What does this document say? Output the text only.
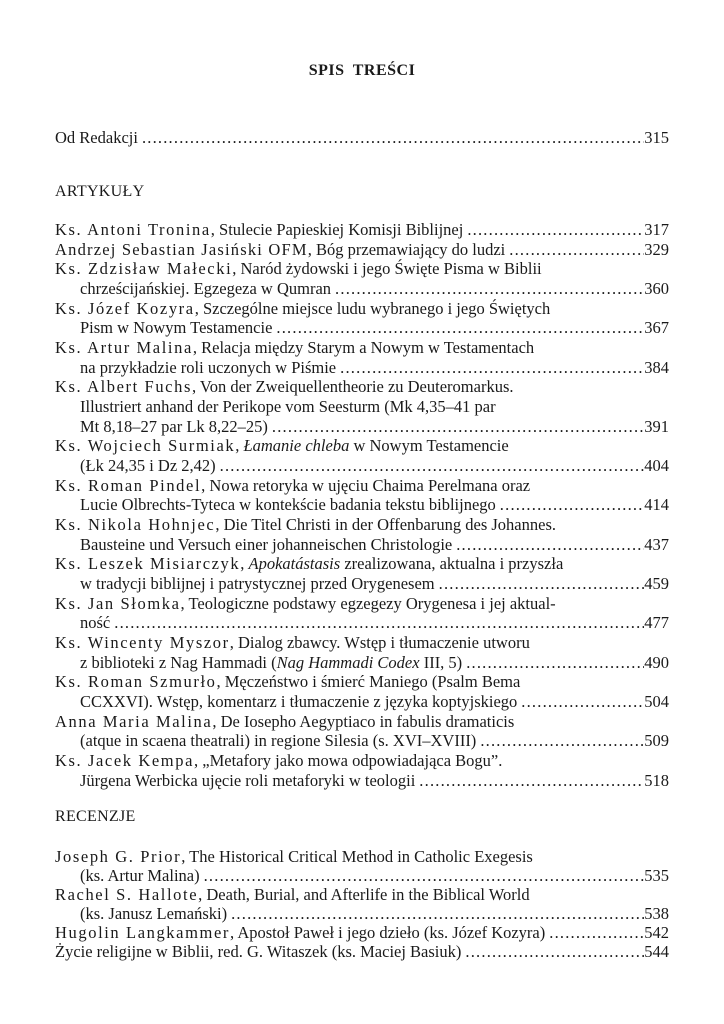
SPIS TREŚCI
Od Redakcji .....	315
ARTYKUŁY
Ks. Antoni Tronina, Stulecie Papieskiej Komisji Biblijnej .....	317
Andrzej Sebastian Jasiński OFM, Bóg przemawiający do ludzi .....	329
Ks. Zdzisław Małecki, Naród żydowski i jego Święte Pisma w Biblii
chrześcijańskiej. Egzegeza w Qumran .....	360
Ks. Józef Kozyra, Szczególne miejsce ludu wybranego i jego Świętych
Pism w Nowym Testamencie .....	367
Ks. Artur Malina, Relacja między Starym a Nowym w Testamentach
na przykładzie roli uczonych w Piśmie .....	384
Ks. Albert Fuchs, Von der Zweiquellentheorie zu Deuteromarkus.
Illustriert anhand der Perikope vom Seesturm (Mk 4,35–41 par
Mt 8,18–27 par Lk 8,22–25) .....	391
Ks. Wojciech Surmiak, Łamanie chleba w Nowym Testamencie
(Łk 24,35 i Dz 2,42) .....	404
Ks. Roman Pindel, Nowa retoryka w ujęciu Chaima Perelmana oraz
Lucie Olbrechts-Tyteca w kontekście badania tekstu biblijnego .....	414
Ks. Nikola Hohnjec, Die Titel Christi in der Offenbarung des Johannes.
Bausteine und Versuch einer johanneischen Christologie .....	437
Ks. Leszek Misiarczyk, Apokatástasis zrealizowana, aktualna i przyszła
w tradycji biblijnej i patrystycznej przed Orygenesem .....	459
Ks. Jan Słomka, Teologiczne podstawy egzegezy Orygenesa i jej aktual-
ność .....	477
Ks. Wincenty Myszor, Dialog zbawcy. Wstęp i tłumaczenie utworu
z biblioteki z Nag Hammadi (Nag Hammadi Codex III, 5) .....	490
Ks. Roman Szmurło, Męczeństwo i śmierć Maniego (Psalm Bema
CCXXVI). Wstęp, komentarz i tłumaczenie z języka koptyjskiego .....	504
Anna Maria Malina, De Iosepho Aegyptiaco in fabulis dramaticis
(atque in scaena theatrali) in regione Silesia (s. XVI–XVIII) .....	509
Ks. Jacek Kempa, „Metafory jako mowa odpowiadająca Bogu”.
Jürgena Werbicka ujęcie roli metaforyki w teologii .....	518
RECENZJE
Joseph G. Prior, The Historical Critical Method in Catholic Exegesis
(ks. Artur Malina) .....	535
Rachel S. Hallote, Death, Burial, and Afterlife in the Biblical World
(ks. Janusz Lemański) .....	538
Hugolin Langkammer, Apostoł Paweł i jego dzieło (ks. Józef Kozyra) .....	542
Życie religijne w Biblii, red. G. Witaszek (ks. Maciej Basiuk) .....	544
